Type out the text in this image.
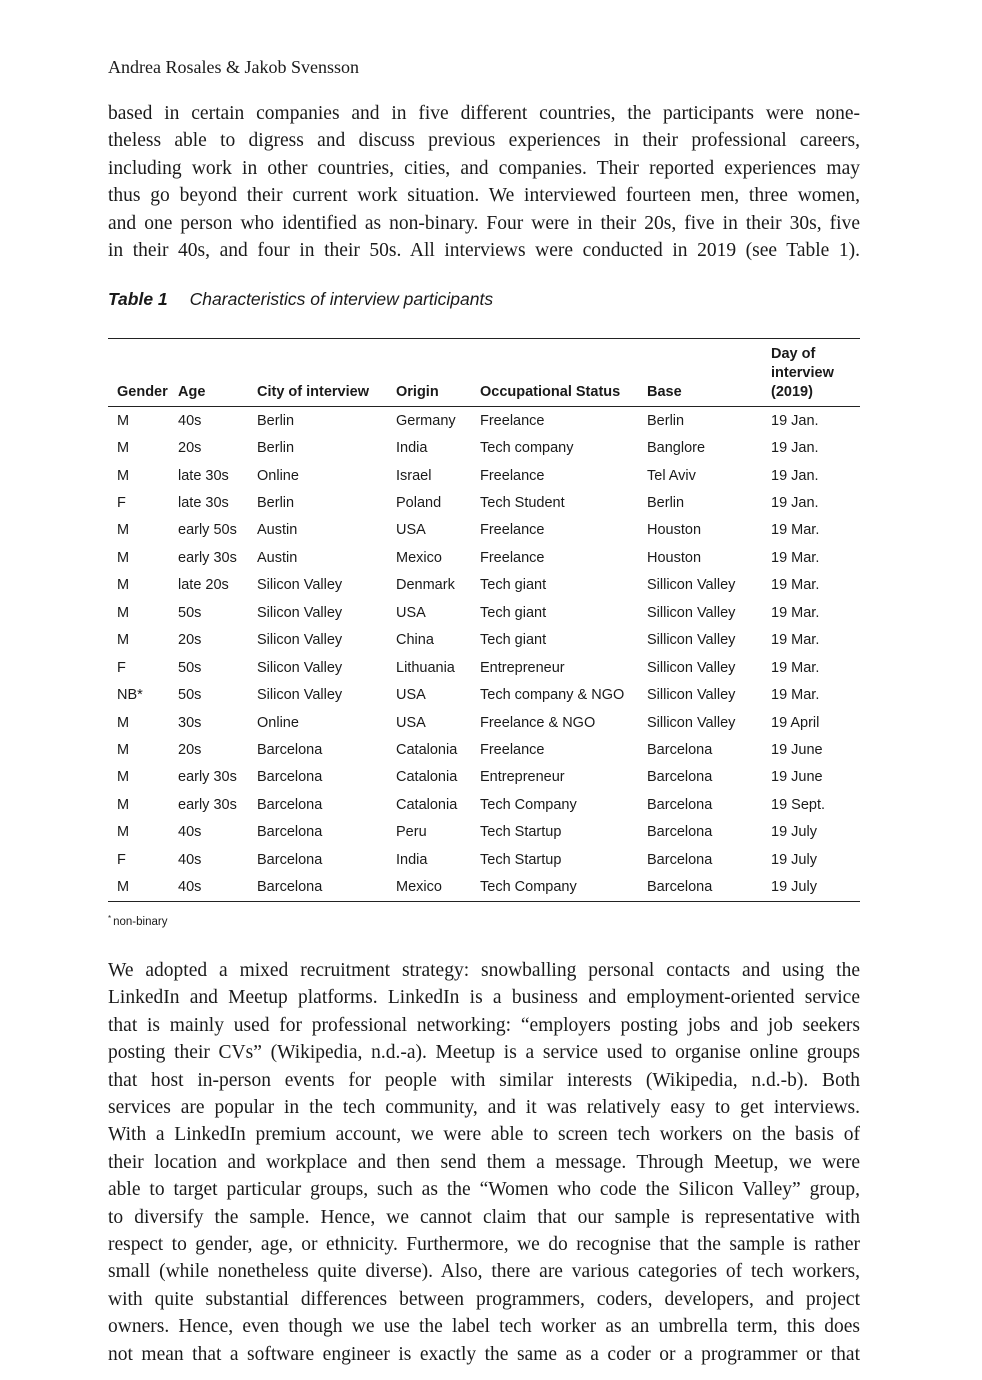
Andrea Rosales & Jakob Svensson
based in certain companies and in five different countries, the participants were none-
theless able to digress and discuss previous experiences in their professional careers,
including work in other countries, cities, and companies. Their reported experiences may
thus go beyond their current work situation. We interviewed fourteen men, three women,
and one person who identified as non-binary. Four were in their 20s, five in their 30s, five
in their 40s, and four in their 50s. All interviews were conducted in 2019 (see Table 1).
Table 1 Characteristics of interview participants
Gender	Age	City of interview	Origin	Occupational Status	Base	Day of
interview
(2019)

M	40s	Berlin	Germany	Freelance	Berlin	19 Jan.
M	20s	Berlin	India	Tech company	Banglore	19 Jan.
M	late 30s	Online	Israel	Freelance	Tel Aviv	19 Jan.
F	late 30s	Berlin	Poland	Tech Student	Berlin	19 Jan.
M	early 50s	Austin	USA	Freelance	Houston	19 Mar.
M	early 30s	Austin	Mexico	Freelance	Houston	19 Mar.
M	late 20s	Silicon Valley	Denmark	Tech giant	Sillicon Valley	19 Mar.
M	50s	Silicon Valley	USA	Tech giant	Sillicon Valley	19 Mar.
M	20s	Silicon Valley	China	Tech giant	Sillicon Valley	19 Mar.
F	50s	Silicon Valley	Lithuania	Entrepreneur	Sillicon Valley	19 Mar.
NB*	50s	Silicon Valley	USA	Tech company & NGO	Sillicon Valley	19 Mar.
M	30s	Online	USA	Freelance & NGO	Sillicon Valley	19 April
M	20s	Barcelona	Catalonia	Freelance	Barcelona	19 June
M	early 30s	Barcelona	Catalonia	Entrepreneur	Barcelona	19 June
M	early 30s	Barcelona	Catalonia	Tech Company	Barcelona	19 Sept.
M	40s	Barcelona	Peru	Tech Startup	Barcelona	19 July
F	40s	Barcelona	India	Tech Startup	Barcelona	19 July
M	40s	Barcelona	Mexico	Tech Company	Barcelona	19 July
* non-binary
We adopted a mixed recruitment strategy: snowballing personal contacts and using the
LinkedIn and Meetup platforms. LinkedIn is a business and employment-oriented service
that is mainly used for professional networking: “employers posting jobs and job seekers
posting their CVs” (Wikipedia, n.d.-a). Meetup is a service used to organise online groups
that host in-person events for people with similar interests (Wikipedia, n.d.-b). Both
services are popular in the tech community, and it was relatively easy to get interviews.
With a LinkedIn premium account, we were able to screen tech workers on the basis of
their location and workplace and then send them a message. Through Meetup, we were
able to target particular groups, such as the “Women who code the Silicon Valley” group,
to diversify the sample. Hence, we cannot claim that our sample is representative with
respect to gender, age, or ethnicity. Furthermore, we do recognise that the sample is rather
small (while nonetheless quite diverse). Also, there are various categories of tech workers,
with quite substantial differences between programmers, coders, developers, and project
owners. Hence, even though we use the label tech worker as an umbrella term, this does
not mean that a software engineer is exactly the same as a coder or a programmer or that
